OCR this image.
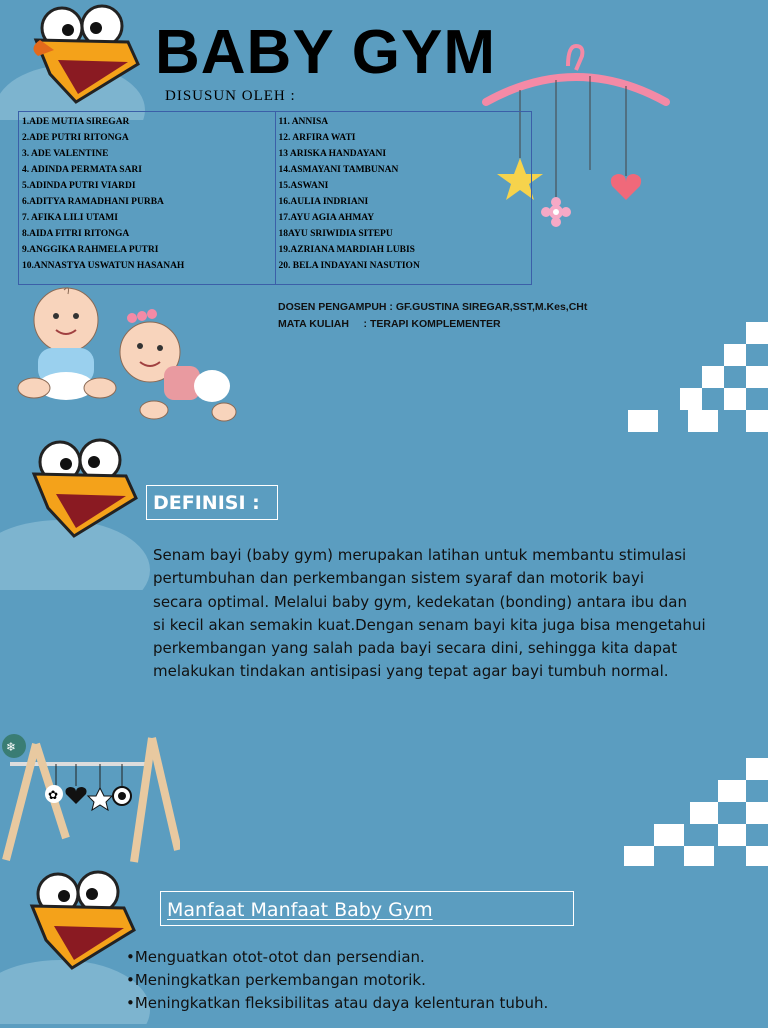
BABY GYM
DISUSUN OLEH :
1.ADE MUTIA SIREGAR
2.ADE PUTRI RITONGA
3. ADE VALENTINE
4. ADINDA PERMATA SARI
5.ADINDA PUTRI VIARDI
6.ADITYA RAMADHANI PURBA
7. AFIKA LILI UTAMI
8.AIDA FITRI RITONGA
9.ANGGIKA RAHMELA PUTRI
10.ANNASTYA USWATUN HASANAH
11. ANNISA
12. ARFIRA WATI
13 ARISKA HANDAYANI
14.ASMAYANI TAMBUNAN
15.ASWANI
16.AULIA INDRIANI
17.AYU AGIA AHMAY
18AYU SRIWIDIA SITEPU
19.AZRIANA MARDIAH LUBIS
20. BELA INDAYANI NASUTION
DOSEN PENGAMPUH : GF.GUSTINA SIREGAR,SST,M.Kes,CHt
MATA KULIAH     : TERAPI KOMPLEMENTER
DEFINISI :
Senam bayi (baby gym) merupakan latihan untuk membantu stimulasi
pertumbuhan dan perkembangan sistem syaraf dan motorik bayi
secara optimal. Melalui baby gym, kedekatan (bonding) antara ibu dan
si kecil akan semakin kuat.Dengan senam bayi kita juga bisa mengetahui
perkembangan yang salah pada bayi secara dini, sehingga kita dapat
melakukan tindakan antisipasi yang tepat agar bayi tumbuh normal.
❄
✿
Manfaat Manfaat Baby Gym
•Menguatkan otot-otot dan persendian.
•Meningkatkan perkembangan motorik.
•Meningkatkan fleksibilitas atau daya kelenturan tubuh.
